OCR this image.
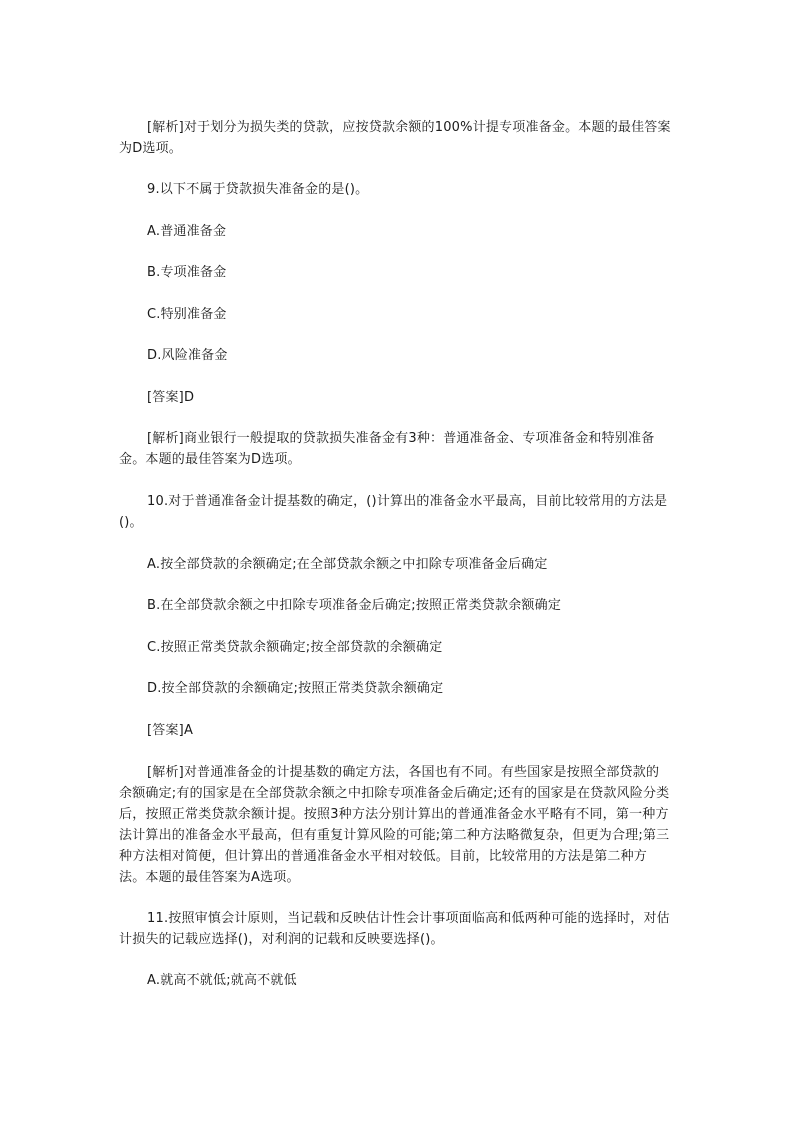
[解析]对于划分为损失类的贷款，应按贷款余额的100%计提专项准备金。本题的最佳答案为D选项。

9.以下不属于贷款损失准备金的是()。

A.普通准备金

B.专项准备金

C.特别准备金

D.风险准备金

[答案]D

[解析]商业银行一般提取的贷款损失准备金有3种：普通准备金、专项准备金和特别准备金。本题的最佳答案为D选项。

10.对于普通准备金计提基数的确定，()计算出的准备金水平最高，目前比较常用的方法是()。

A.按全部贷款的余额确定;在全部贷款余额之中扣除专项准备金后确定

B.在全部贷款余额之中扣除专项准备金后确定;按照正常类贷款余额确定

C.按照正常类贷款余额确定;按全部贷款的余额确定

D.按全部贷款的余额确定;按照正常类贷款余额确定

[答案]A

[解析]对普通准备金的计提基数的确定方法，各国也有不同。有些国家是按照全部贷款的余额确定;有的国家是在全部贷款余额之中扣除专项准备金后确定;还有的国家是在贷款风险分类后，按照正常类贷款余额计提。按照3种方法分别计算出的普通准备金水平略有不同，第一种方法计算出的准备金水平最高，但有重复计算风险的可能;第二种方法略微复杂，但更为合理;第三种方法相对简便，但计算出的普通准备金水平相对较低。目前，比较常用的方法是第二种方法。本题的最佳答案为A选项。

11.按照审慎会计原则，当记载和反映估计性会计事项面临高和低两种可能的选择时，对估计损失的记载应选择()，对利润的记载和反映要选择()。

A.就高不就低;就高不就低
